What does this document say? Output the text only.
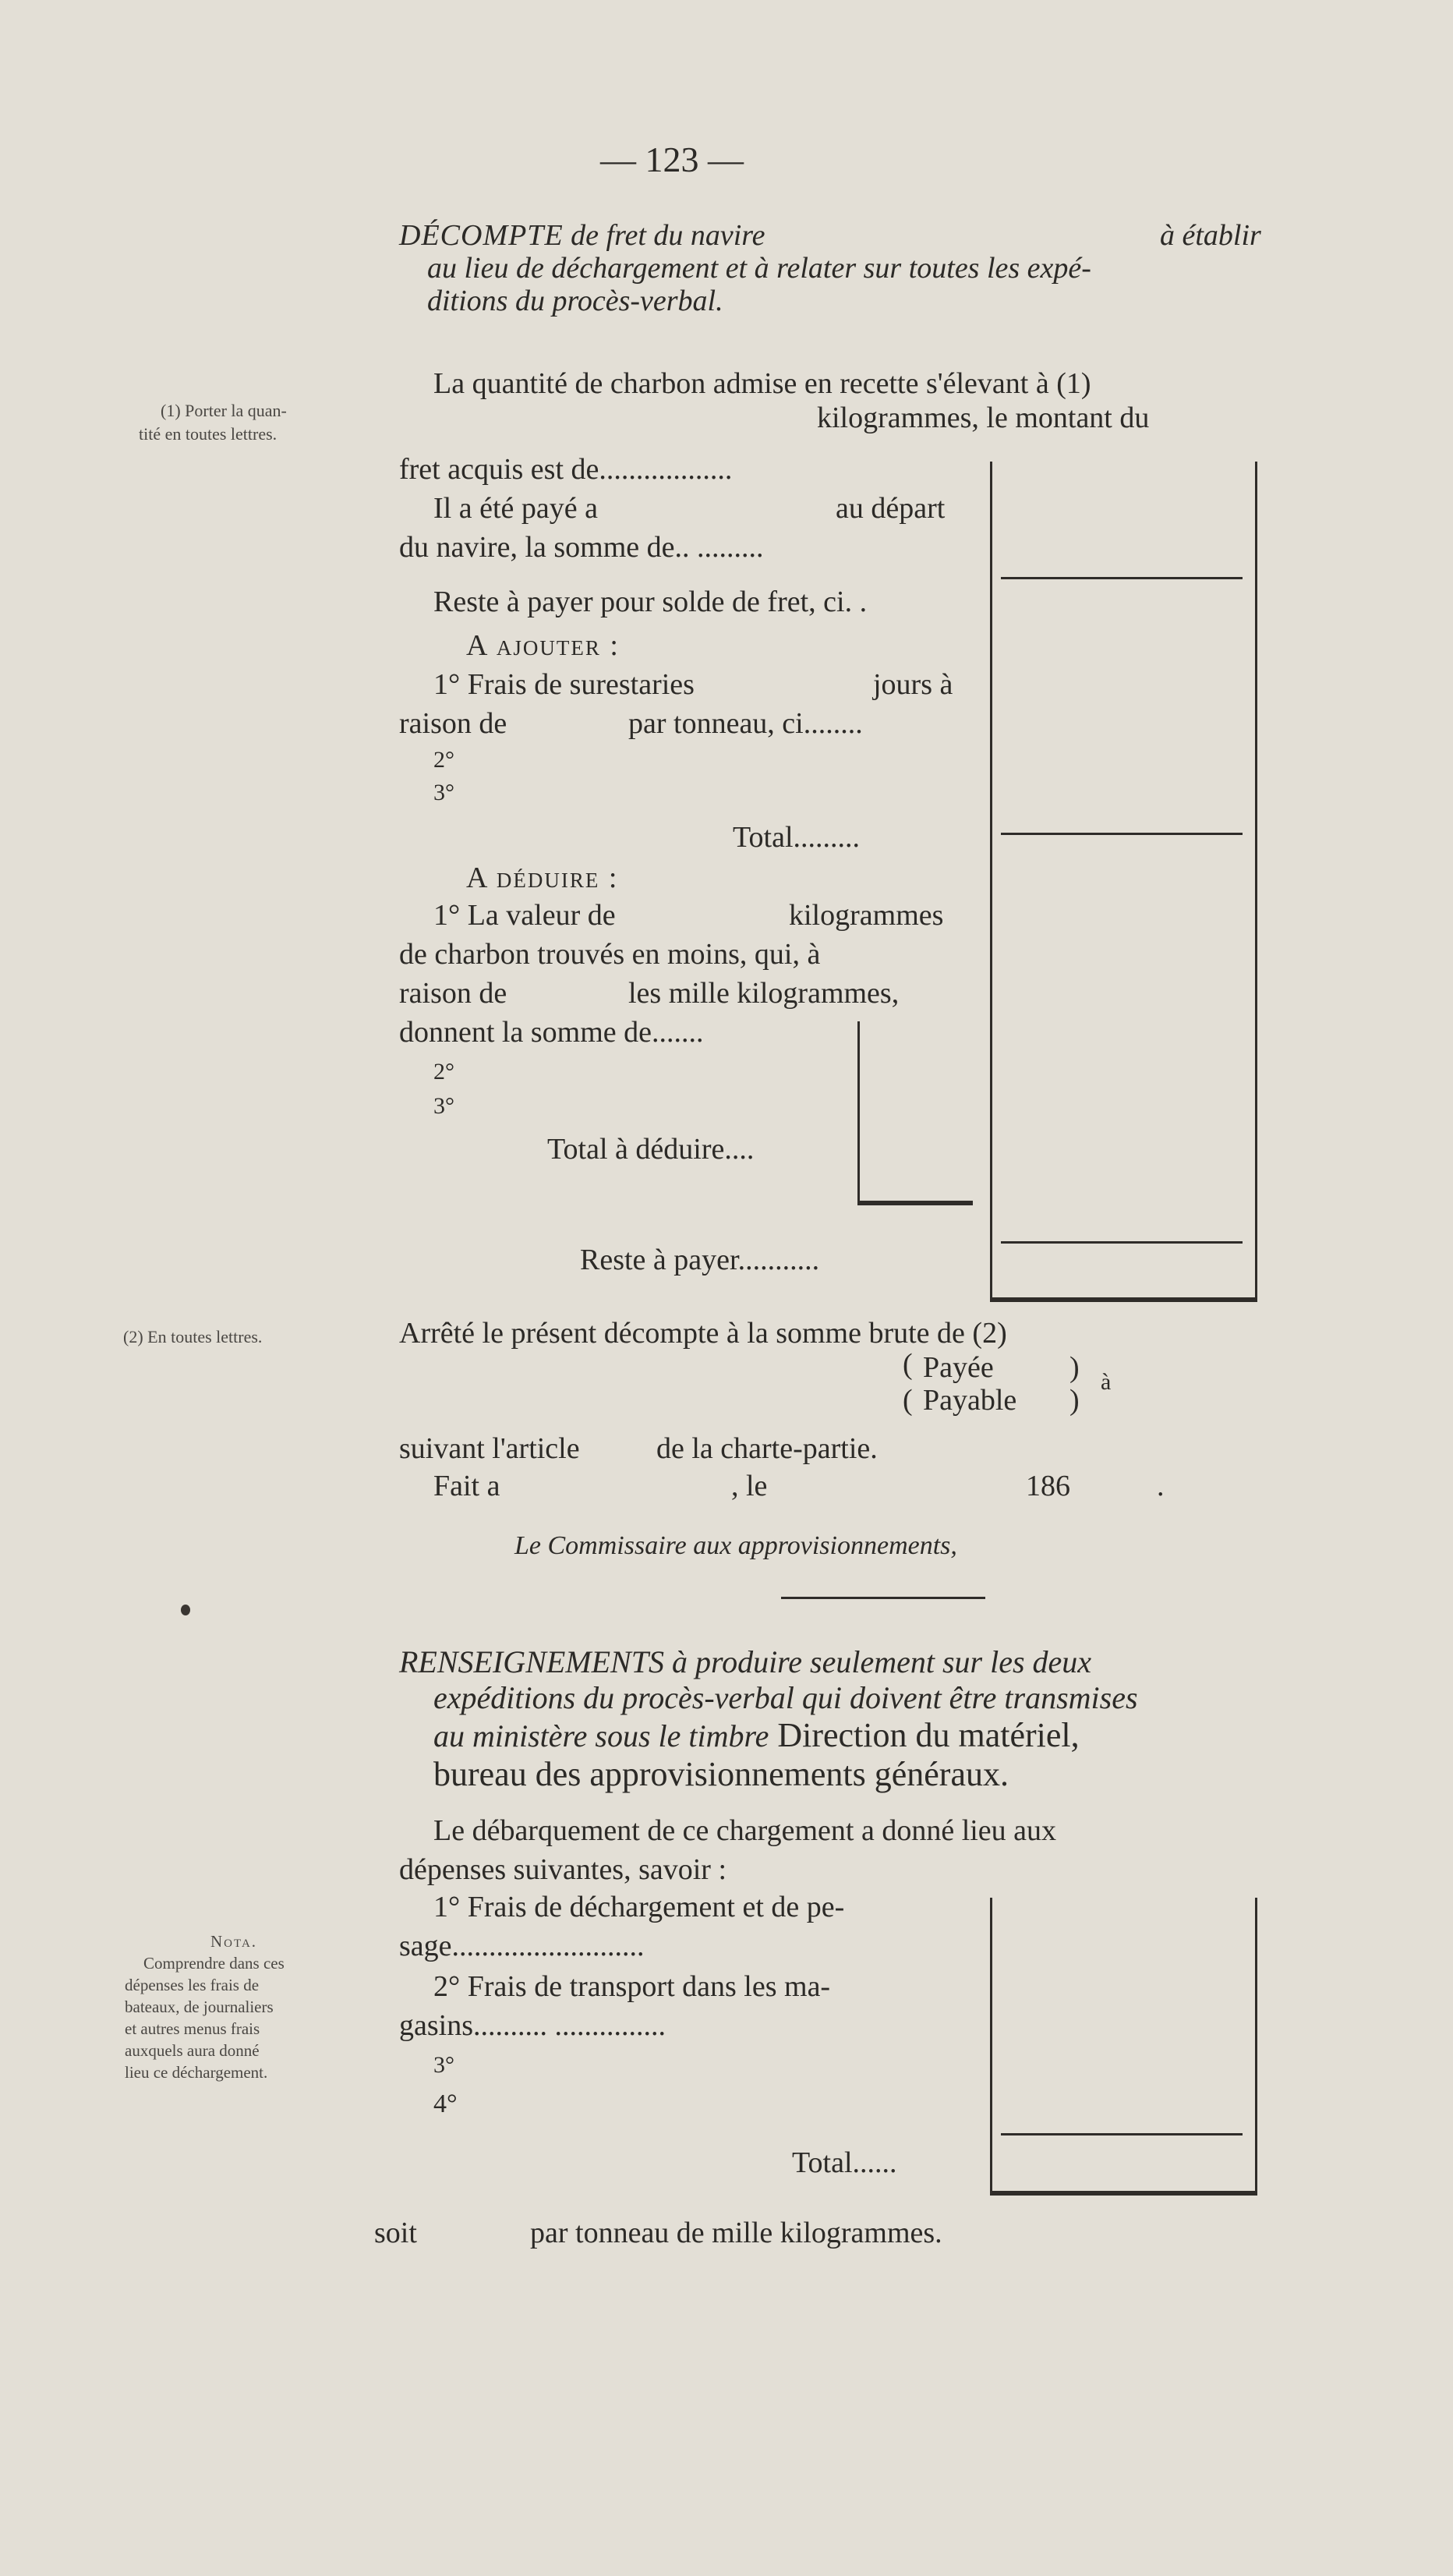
— 123 —
DÉCOMPTE de fret du navire	à établir
au lieu de déchargement et à relater sur toutes les expé-
ditions du procès-verbal.
(1) Porter la quan-
tité en toutes lettres.
La quantité de charbon admise en recette s'élevant à (1)
kilogrammes, le montant du
fret acquis est de..................
Il a été payé a	au départ
du navire, la somme de.. .........
Reste à payer pour solde de fret, ci. .
A ajouter :
1° Frais de surestaries	jours à
raison de	par tonneau, ci........
2°
3°
Total.........
A déduire :
1° La valeur de	kilogrammes
de charbon trouvés en moins, qui, à
raison de	les mille kilogrammes,
donnent la somme de.......
2°
3°
Total à déduire....
Reste à payer...........
(2) En toutes lettres.	Arrêté le présent décompte à la somme brute de (2)
( Payée	)
( Payable )
à
suivant l'article	de la charte-partie.
Fait a	, le	186	.
Le Commissaire aux approvisionnements,
RENSEIGNEMENTS à produire seulement sur les deux
expéditions du procès-verbal qui doivent être transmises
au ministère sous le timbre Direction du matériel,
bureau des approvisionnements généraux.
Le débarquement de ce chargement a donné lieu aux
dépenses suivantes, savoir :
1° Frais de déchargement et de pe-
sage..........................
2° Frais de transport dans les ma-
gasins.......... ...............
3°
4°
Total......
Nota.
Comprendre dans ces
dépenses les frais de
bateaux, de journaliers
et autres menus frais
auxquels aura donné
lieu ce déchargement.
soit	par tonneau de mille kilogrammes.
